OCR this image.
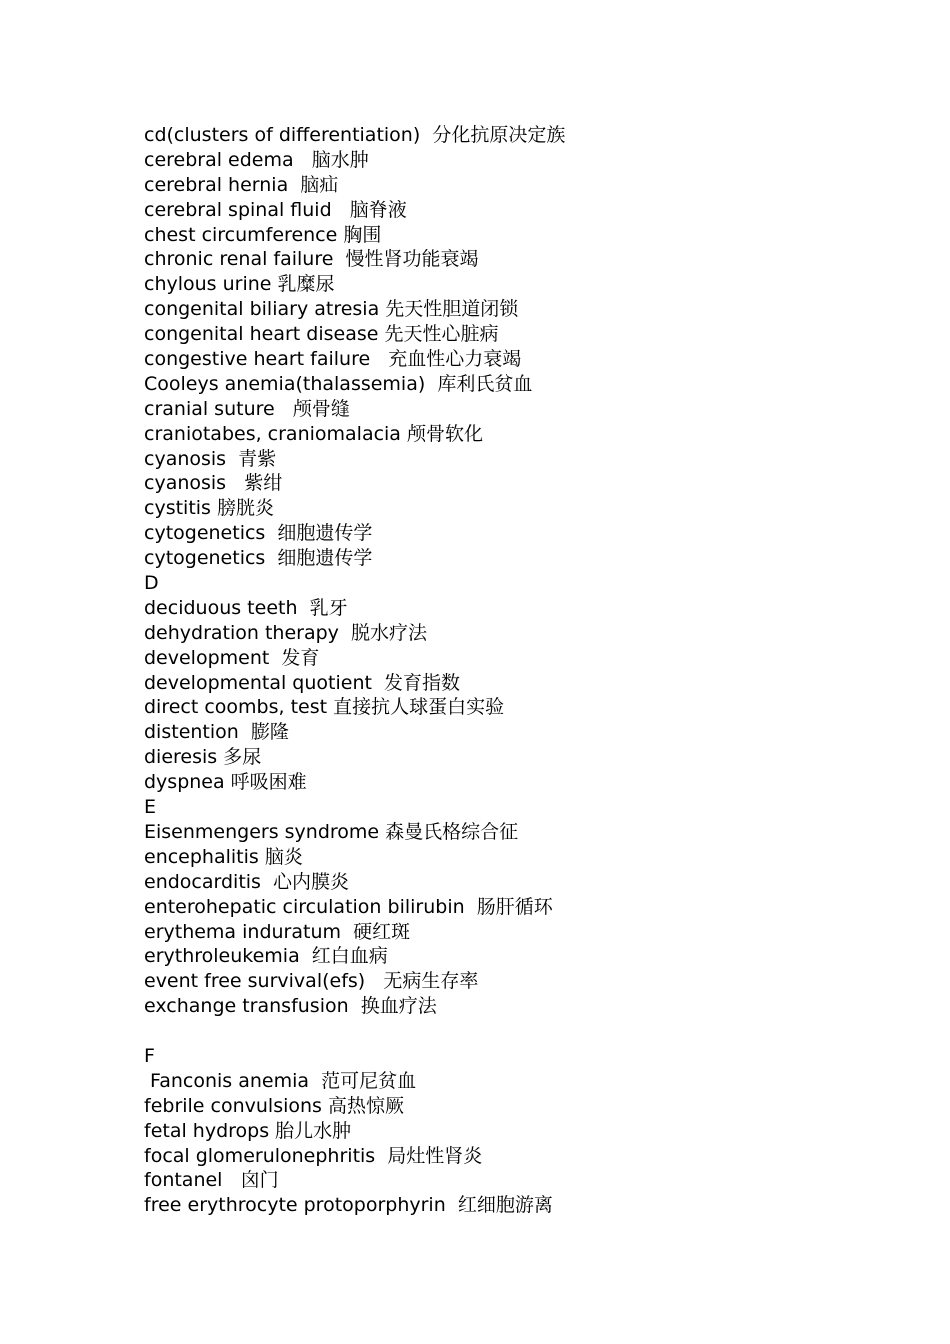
cd(clusters of differentiation)  分化抗原决定族
cerebral edema   脑水肿
cerebral hernia  脑疝
cerebral spinal fluid   脑脊液
chest circumference 胸围
chronic renal failure  慢性肾功能衰竭
chylous urine 乳糜尿
congenital biliary atresia 先天性胆道闭锁
congenital heart disease 先天性心脏病
congestive heart failure   充血性心力衰竭
Cooleys anemia(thalassemia)  库利氏贫血
cranial suture   颅骨缝
craniotabes, craniomalacia 颅骨软化
cyanosis  青紫
cyanosis   紫绀
cystitis 膀胱炎
cytogenetics  细胞遗传学
cytogenetics  细胞遗传学
D
deciduous teeth  乳牙
dehydration therapy  脱水疗法
development  发育
developmental quotient  发育指数
direct coombs, test 直接抗人球蛋白实验
distention  膨隆
dieresis 多尿
dyspnea 呼吸困难
E
Eisenmengers syndrome 森曼氏格综合征
encephalitis 脑炎
endocarditis  心内膜炎
enterohepatic circulation bilirubin  肠肝循环
erythema induratum  硬红斑
erythroleukemia  红白血病
event free survival(efs)   无病生存率
exchange transfusion  换血疗法
F
Fanconis anemia  范可尼贫血
febrile convulsions 高热惊厥
fetal hydrops 胎儿水肿
focal glomerulonephritis  局灶性肾炎
fontanel   囟门
free erythrocyte protoporphyrin  红细胞游离
